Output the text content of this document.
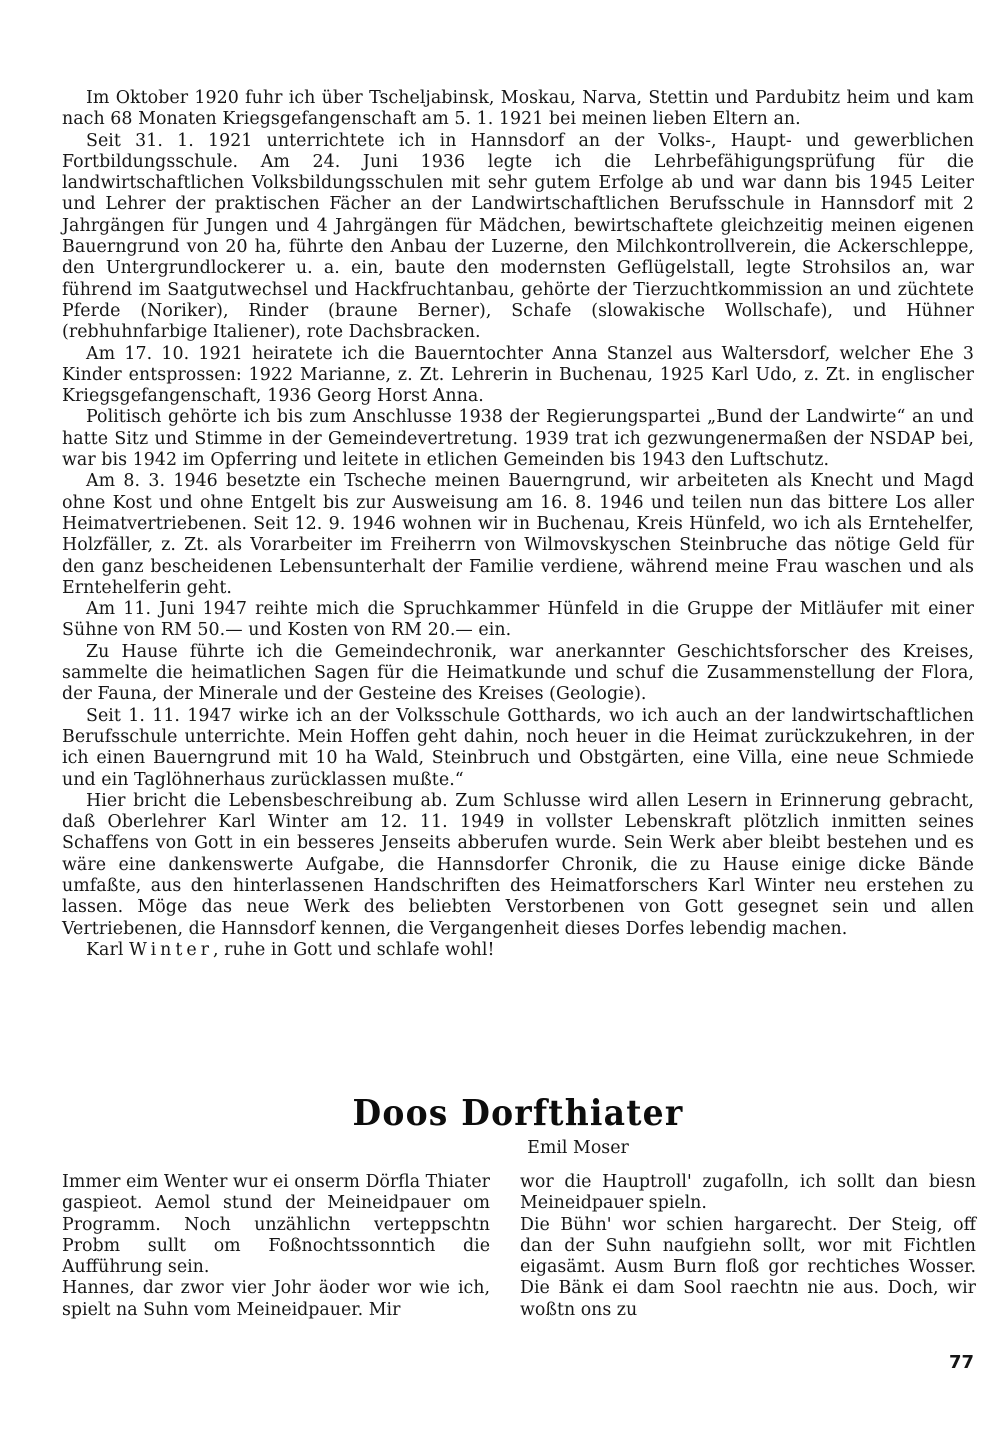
Im Oktober 1920 fuhr ich über Tscheljabinsk, Moskau, Narva, Stettin und Pardubitz heim und kam nach 68 Monaten Kriegsgefangenschaft am 5. 1. 1921 bei meinen lieben Eltern an.

Seit 31. 1. 1921 unterrichtete ich in Hannsdorf an der Volks-, Haupt- und gewerblichen Fortbildungsschule. Am 24. Juni 1936 legte ich die Lehrbefähigungsprüfung für die landwirtschaftlichen Volksbildungsschulen mit sehr gutem Erfolge ab und war dann bis 1945 Leiter und Lehrer der praktischen Fächer an der Landwirtschaftlichen Berufsschule in Hannsdorf mit 2 Jahrgängen für Jungen und 4 Jahrgängen für Mädchen, bewirtschaftete gleichzeitig meinen eigenen Bauerngrund von 20 ha, führte den Anbau der Luzerne, den Milchkontrollverein, die Ackerschleppe, den Untergrundlockerer u. a. ein, baute den modernsten Geflügelstall, legte Strohsilos an, war führend im Saatgutwechsel und Hackfruchtanbau, gehörte der Tierzuchtkommission an und züchtete Pferde (Noriker), Rinder (braune Berner), Schafe (slowakische Wollschafe), und Hühner (rebhuhnfarbige Italiener), rote Dachsbracken.

Am 17. 10. 1921 heiratete ich die Bauerntochter Anna Stanzel aus Waltersdorf, welcher Ehe 3 Kinder entsprossen: 1922 Marianne, z. Zt. Lehrerin in Buchenau, 1925 Karl Udo, z. Zt. in englischer Kriegsgefangenschaft, 1936 Georg Horst Anna.

Politisch gehörte ich bis zum Anschlusse 1938 der Regierungspartei „Bund der Landwirte“ an und hatte Sitz und Stimme in der Gemeindevertretung. 1939 trat ich gezwungenermaßen der NSDAP bei, war bis 1942 im Opferring und leitete in etlichen Gemeinden bis 1943 den Luftschutz.

Am 8. 3. 1946 besetzte ein Tscheche meinen Bauerngrund, wir arbeiteten als Knecht und Magd ohne Kost und ohne Entgelt bis zur Ausweisung am 16. 8. 1946 und teilen nun das bittere Los aller Heimatvertriebenen. Seit 12. 9. 1946 wohnen wir in Buchenau, Kreis Hünfeld, wo ich als Erntehelfer, Holzfäller, z. Zt. als Vorarbeiter im Freiherrn von Wilmovskyschen Steinbruche das nötige Geld für den ganz bescheidenen Lebensunterhalt der Familie verdiene, während meine Frau waschen und als Erntehelferin geht.

Am 11. Juni 1947 reihte mich die Spruchkammer Hünfeld in die Gruppe der Mitläufer mit einer Sühne von RM 50.— und Kosten von RM 20.— ein.

Zu Hause führte ich die Gemeindechronik, war anerkannter Geschichtsforscher des Kreises, sammelte die heimatlichen Sagen für die Heimatkunde und schuf die Zusammenstellung der Flora, der Fauna, der Minerale und der Gesteine des Kreises (Geologie).

Seit 1. 11. 1947 wirke ich an der Volksschule Gotthards, wo ich auch an der landwirtschaftlichen Berufsschule unterrichte. Mein Hoffen geht dahin, noch heuer in die Heimat zurückzukehren, in der ich einen Bauerngrund mit 10 ha Wald, Steinbruch und Obstgärten, eine Villa, eine neue Schmiede und ein Taglöhnerhaus zurücklassen mußte.“

Hier bricht die Lebensbeschreibung ab. Zum Schlusse wird allen Lesern in Erinnerung gebracht, daß Oberlehrer Karl Winter am 12. 11. 1949 in vollster Lebenskraft plötzlich inmitten seines Schaffens von Gott in ein besseres Jenseits abberufen wurde. Sein Werk aber bleibt bestehen und es wäre eine dankenswerte Aufgabe, die Hannsdorfer Chronik, die zu Hause einige dicke Bände umfaßte, aus den hinterlassenen Handschriften des Heimatforschers Karl Winter neu erstehen zu lassen. Möge das neue Werk des beliebten Verstorbenen von Gott gesegnet sein und allen Vertriebenen, die Hannsdorf kennen, die Vergangenheit dieses Dorfes lebendig machen.

Karl Winter, ruhe in Gott und schlafe wohl!

Doos Dorfthiater
Emil Moser

Immer eim Wenter wur ei onserm Dörfla Thiater gaspieot. Aemol stund der Meineidpauer om Programm. Noch unzählichn verteppschtn Probm sullt om Foßnochtssonntich die Aufführung sein.

Hannes, dar zwor vier Johr äoder wor wie ich, spielt na Suhn vom Meineidpauer. Mir

wor die Hauptroll' zugafolln, ich sollt dan biesn Meineidpauer spieln.

Die Bühn' wor schien hargarecht. Der Steig, off dan der Suhn naufgiehn sollt, wor mit Fichtlen eigasämt. Ausm Burn floß gor rechtiches Wosser. Die Bänk ei dam Sool raechtn nie aus. Doch, wir woßtn ons zu

77
